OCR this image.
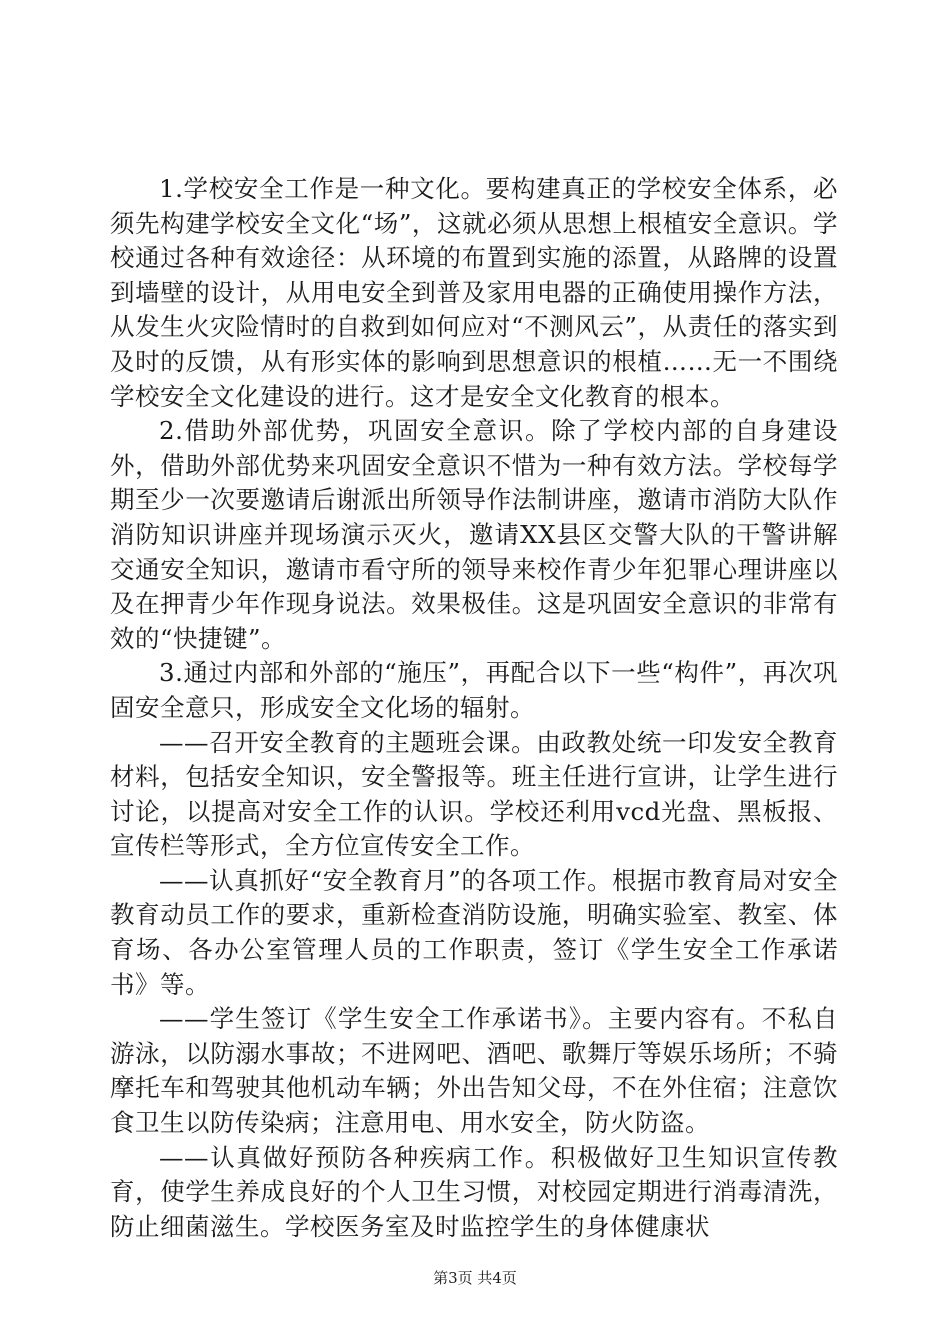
1.学校安全工作是一种文化。要构建真正的学校安全体系，必须先构建学校安全文化“场”，这就必须从思想上根植安全意识。学校通过各种有效途径：从环境的布置到实施的添置，从路牌的设置到墙壁的设计，从用电安全到普及家用电器的正确使用操作方法，从发生火灾险情时的自救到如何应对“不测风云”，从责任的落实到及时的反馈，从有形实体的影响到思想意识的根植……无一不围绕学校安全文化建设的进行。这才是安全文化教育的根本。

2.借助外部优势，巩固安全意识。除了学校内部的自身建设外，借助外部优势来巩固安全意识不惜为一种有效方法。学校每学期至少一次要邀请后谢派出所领导作法制讲座，邀请市消防大队作消防知识讲座并现场演示灭火，邀请XX县区交警大队的干警讲解交通安全知识，邀请市看守所的领导来校作青少年犯罪心理讲座以及在押青少年作现身说法。效果极佳。这是巩固安全意识的非常有效的“快捷键”。

3.通过内部和外部的“施压”，再配合以下一些“构件”，再次巩固安全意只，形成安全文化场的辐射。

——召开安全教育的主题班会课。由政教处统一印发安全教育材料，包括安全知识，安全警报等。班主任进行宣讲，让学生进行讨论，以提高对安全工作的认识。学校还利用vcd光盘、黑板报、宣传栏等形式，全方位宣传安全工作。

——认真抓好“安全教育月”的各项工作。根据市教育局对安全教育动员工作的要求，重新检查消防设施，明确实验室、教室、体育场、各办公室管理人员的工作职责，签订《学生安全工作承诺书》等。

——学生签订《学生安全工作承诺书》。主要内容有。不私自游泳，以防溺水事故；不进网吧、酒吧、歌舞厅等娱乐场所；不骑摩托车和驾驶其他机动车辆；外出告知父母，不在外住宿；注意饮食卫生以防传染病；注意用电、用水安全，防火防盗。

——认真做好预防各种疾病工作。积极做好卫生知识宣传教育，使学生养成良好的个人卫生习惯，对校园定期进行消毒清洗，防止细菌滋生。学校医务室及时监控学生的身体健康状

第3页 共4页
